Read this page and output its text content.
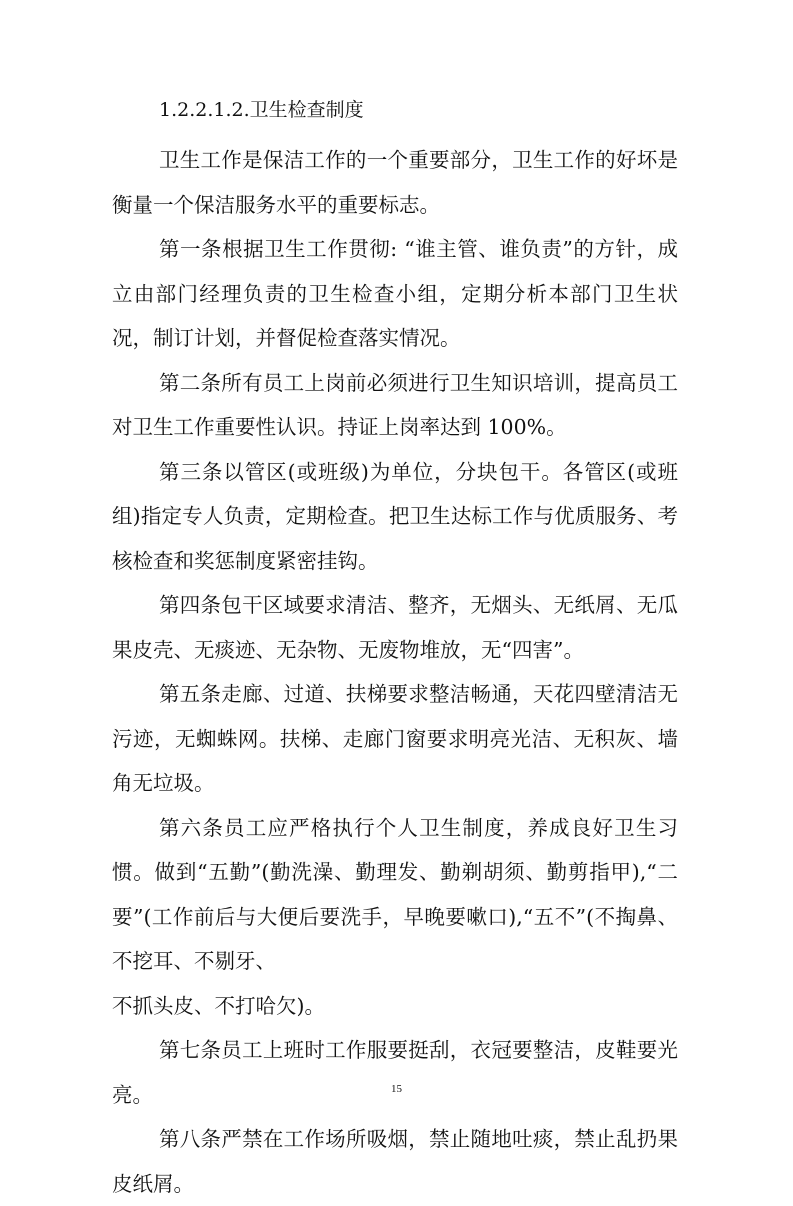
1.2.2.1.2.卫生检查制度

卫生工作是保洁工作的一个重要部分，卫生工作的好坏是衡量一个保洁服务水平的重要标志。

第一条根据卫生工作贯彻: “谁主管、谁负责”的方针，成立由部门经理负责的卫生检查小组，定期分析本部门卫生状况，制订计划，并督促检查落实情况。

第二条所有员工上岗前必须进行卫生知识培训，提高员工对卫生工作重要性认识。持证上岗率达到 100%。

第三条以管区(或班级)为单位，分块包干。各管区(或班组)指定专人负责，定期检查。把卫生达标工作与优质服务、考核检查和奖惩制度紧密挂钩。

第四条包干区域要求清洁、整齐，无烟头、无纸屑、无瓜果皮壳、无痰迹、无杂物、无废物堆放，无“四害”。

第五条走廊、过道、扶梯要求整洁畅通，天花四壁清洁无污迹，无蜘蛛网。扶梯、走廊门窗要求明亮光洁、无积灰、墙角无垃圾。

第六条员工应严格执行个人卫生制度，养成良好卫生习惯。做到“五勤”(勤洗澡、勤理发、勤剃胡须、勤剪指甲),“二要”(工作前后与大便后要洗手，早晚要嗽口),“五不”(不掏鼻、不挖耳、不剔牙、
不抓头皮、不打哈欠)。

第七条员工上班时工作服要挺刮，衣冠要整洁，皮鞋要光亮。

第八条严禁在工作场所吸烟，禁止随地吐痰，禁止乱扔果皮纸屑。

15
